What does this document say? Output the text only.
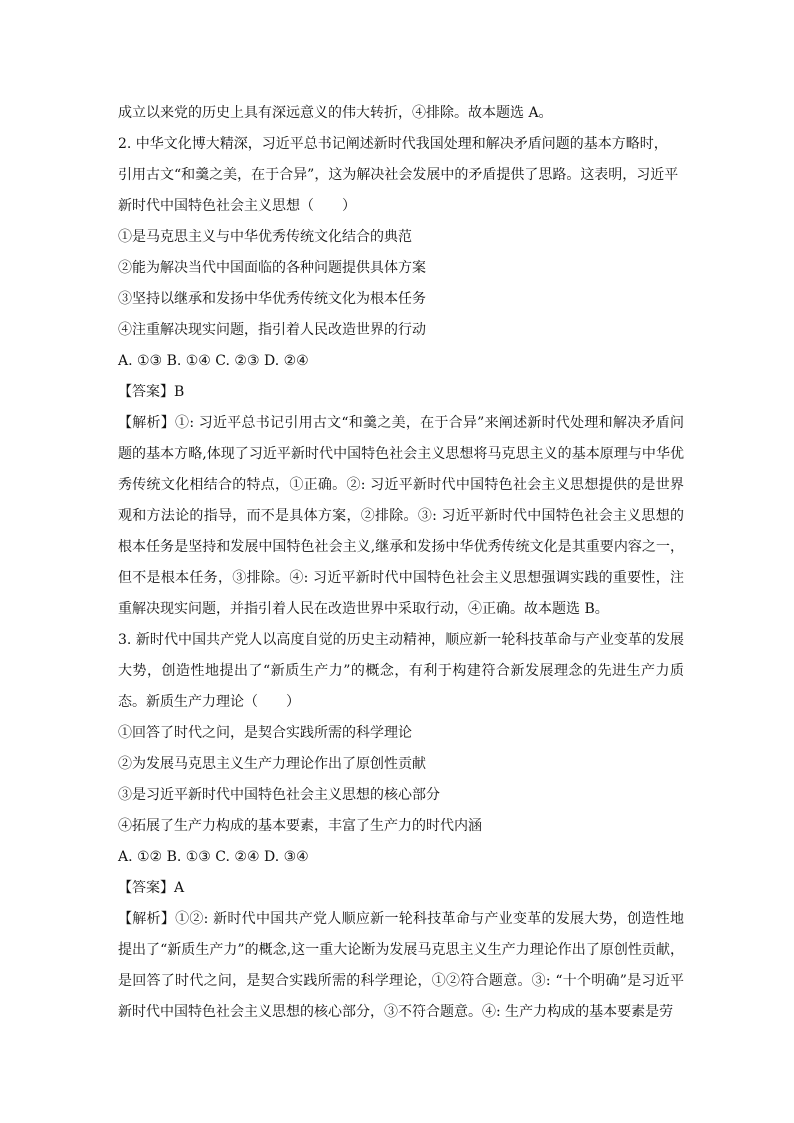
成立以来党的历史上具有深远意义的伟大转折，④排除。故本题选 A。
2. 中华文化博大精深，习近平总书记阐述新时代我国处理和解决矛盾问题的基本方略时，
引用古文“和羹之美，在于合异”，这为解决社会发展中的矛盾提供了思路。这表明，习近平
新时代中国特色社会主义思想（　　）
①是马克思主义与中华优秀传统文化结合的典范
②能为解决当代中国面临的各种问题提供具体方案
③坚持以继承和发扬中华优秀传统文化为根本任务
④注重解决现实问题，指引着人民改造世界的行动
A. ①③ B. ①④ C. ②③ D. ②④
【答案】B
【解析】①: 习近平总书记引用古文“和羹之美，在于合异”来阐述新时代处理和解决矛盾问题的基本方略,体现了习近平新时代中国特色社会主义思想将马克思主义的基本原理与中华优秀传统文化相结合的特点，①正确。②: 习近平新时代中国特色社会主义思想提供的是世界观和方法论的指导，而不是具体方案，②排除。③: 习近平新时代中国特色社会主义思想的根本任务是坚持和发展中国特色社会主义,继承和发扬中华优秀传统文化是其重要内容之一，但不是根本任务，③排除。④: 习近平新时代中国特色社会主义思想强调实践的重要性，注重解决现实问题，并指引着人民在改造世界中采取行动，④正确。故本题选 B。
3. 新时代中国共产党人以高度自觉的历史主动精神，顺应新一轮科技革命与产业变革的发展大势，创造性地提出了“新质生产力”的概念，有利于构建符合新发展理念的先进生产力质态。新质生产力理论（　　）
①回答了时代之问，是契合实践所需的科学理论
②为发展马克思主义生产力理论作出了原创性贡献
③是习近平新时代中国特色社会主义思想的核心部分
④拓展了生产力构成的基本要素，丰富了生产力的时代内涵
A. ①② B. ①③ C. ②④ D. ③④
【答案】A
【解析】①②: 新时代中国共产党人顺应新一轮科技革命与产业变革的发展大势，创造性地提出了“新质生产力”的概念,这一重大论断为发展马克思主义生产力理论作出了原创性贡献，是回答了时代之问，是契合实践所需的科学理论，①②符合题意。③: “十个明确”是习近平新时代中国特色社会主义思想的核心部分，③不符合题意。④: 生产力构成的基本要素是劳
